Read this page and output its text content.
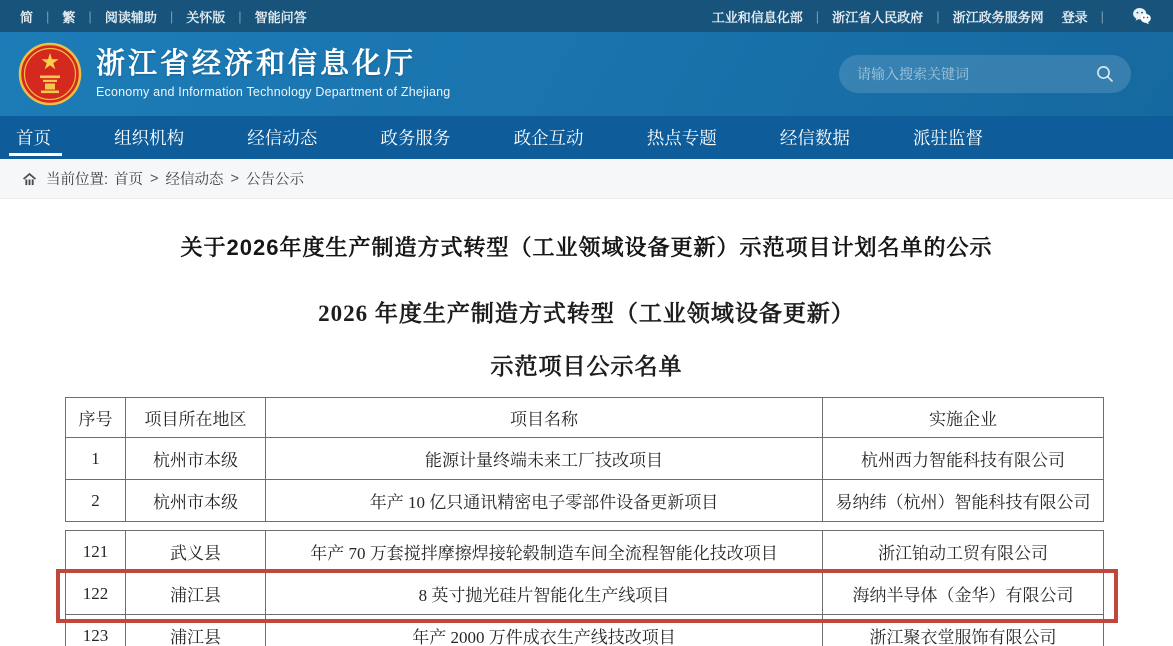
简 | 繁 | 阅读辅助 | 关怀版 | 智能问答	工业和信息化部 | 浙江省人民政府 | 浙江政务服务网 登录 |
浙江省经济和信息化厅
Economy and Information Technology Department of Zhejiang
请输入搜索关键词
首页	组织机构	经信动态	政务服务	政企互动	热点专题	经信数据	派驻监督
当前位置: 首页 > 经信动态 > 公告公示
关于2026年度生产制造方式转型（工业领域设备更新）示范项目计划名单的公示
2026 年度生产制造方式转型（工业领域设备更新）
示范项目公示名单
序号	项目所在地区	项目名称	实施企业
1	杭州市本级	能源计量终端未来工厂技改项目	杭州西力智能科技有限公司
2	杭州市本级	年产 10 亿只通讯精密电子零部件设备更新项目	易纳纬（杭州）智能科技有限公司
121	武义县	年产 70 万套搅拌摩擦焊接轮毂制造车间全流程智能化技改项目	浙江铂动工贸有限公司
122	浦江县	8 英寸抛光硅片智能化生产线项目	海纳半导体（金华）有限公司
123	浦江县	年产 2000 万件成衣生产线技改项目	浙江聚衣堂服饰有限公司
